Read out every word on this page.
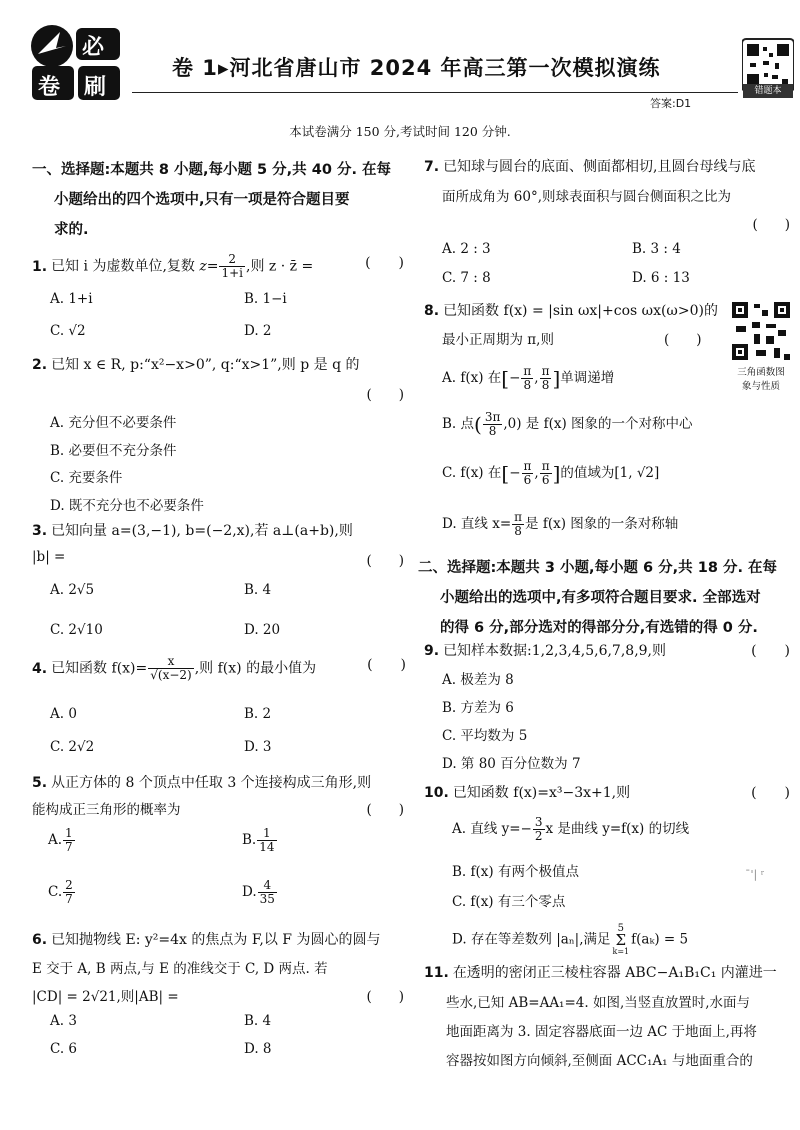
必
卷 刷
卷 1▸河北省唐山市 2024 年高三第一次模拟演练
答案:D1
错题本
本试卷满分 150 分,考试时间 120 分钟.
一、选择题:本题共 8 小题,每小题 5 分,共 40 分. 在每
小题给出的四个选项中,只有一项是符合题目要
求的.
1. 已知 i 为虚数单位,复数 $z= \frac{2}{1+i}$ ,则 z · z̄ =	(　　)
A. 1+i	B. 1−i
C. √2	D. 2
2. 已知 x ∈ R, p:“x²−x>0”, q:“x>1”,则 p 是 q 的
(　　)
A. 充分但不必要条件
B. 必要但不充分条件
C. 充要条件
D. 既不充分也不必要条件
3. 已知向量 a=(3,−1), b=(−2,x),若 a⊥(a+b),则
|b| =	(　　)
A. 2√5	B. 4
C. 2√10	D. 20
4. 已知函数 $f(x)= \frac{x}{√(x-2)}$ ,则 f(x) 的最小值为	(　　)
A. 0	B. 2
C. 2√2	D. 3
5. 从正方体的 8 个顶点中任取 3 个连接构成三角形,则
能构成正三角形的概率为	(　　)
A. $\frac{1}{7}$	B. $\frac{1}{14}$
C. $\frac{2}{7}$	D. $\frac{4}{35}$
6. 已知抛物线 E: y²=4x 的焦点为 F,以 F 为圆心的圆与
E 交于 A, B 两点,与 E 的准线交于 C, D 两点. 若
|CD| = 2√21,则|AB| =	(　　)
A. 3	B. 4
C. 6	D. 8
7. 已知球与圆台的底面、侧面都相切,且圆台母线与底
面所成角为 60°,则球表面积与圆台侧面积之比为
(　　)
A. 2 : 3	B. 3 : 4
C. 7 : 8	D. 6 : 13
8. 已知函数 f(x) = |sin ωx|+cos ωx(ω>0)的
最小正周期为 π,则	(　　)
A. f(x) 在[− $\frac{\pi}{8}$ , $\frac{\pi}{8}$ ]单调递增
B. 点( $\frac{3\pi}{8} ,0$) 是 f(x) 图象的一个对称中心
C. f(x) 在[− $\frac{\pi}{6}$ , $\frac{\pi}{6}$ ]的值域为[1, √2]
D. 直线 $x= \frac{\pi}{8}$ 是 f(x) 图象的一条对称轴
二、选择题:本题共 3 小题,每小题 6 分,共 18 分. 在每
小题给出的选项中,有多项符合题目要求. 全部选对
的得 6 分,部分选对的得部分分,有选错的得 0 分.
9. 已知样本数据:1,2,3,4,5,6,7,8,9,则	(　　)
A. 极差为 8
B. 方差为 6
C. 平均数为 5
D. 第 80 百分位数为 7
10. 已知函数 f(x)=x³−3x+1,则	(　　)
A. 直线 $y=- \frac{3}{2}$ x 是曲线 y=f(x) 的切线
B. f(x) 有两个极值点
C. f(x) 有三个零点
D. 存在等差数列 |aₙ|,满足
5
Σ
k=1
f(aₖ) = 5
11. 在透明的密闭正三棱柱容器 ABC−A₁B₁C₁ 内灌进一
些水,已知 AB=AA₁=4. 如图,当竖直放置时,水面与
地面距离为 3. 固定容器底面一边 AC 于地面上,再将
容器按如图方向倾斜,至侧面 ACC₁A₁ 与地面重合的
三角函数图
象与性质
ˉ'| ʳ
